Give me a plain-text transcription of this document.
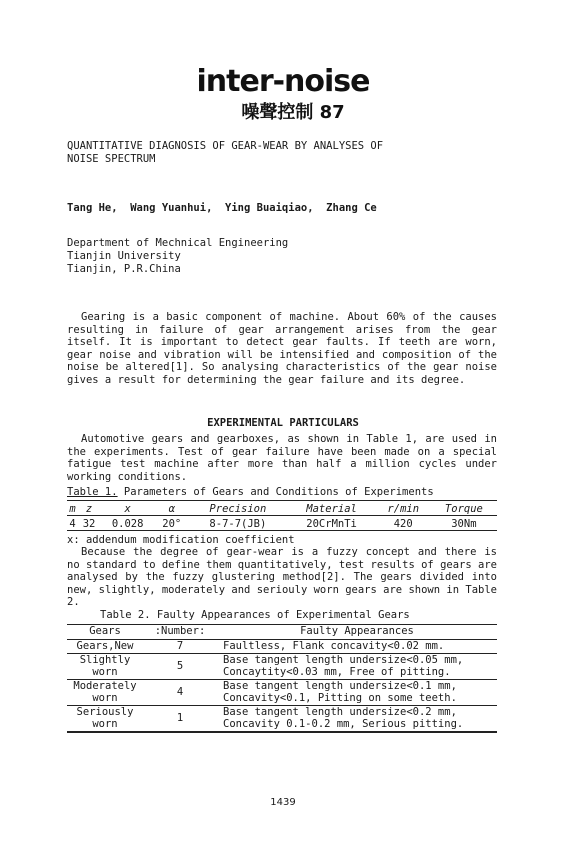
inter-noise
噪聲控制 87
QUANTITATIVE DIAGNOSIS OF GEAR-WEAR BY ANALYSES OF
NOISE SPECTRUM
Tang He,  Wang Yuanhui,  Ying Buaiqiao,  Zhang Ce
Department of Mechnical Engineering
Tianjin University
Tianjin, P.R.China
Gearing is a basic component of machine. About 60% of the causes resulting in failure of gear arrangement arises from the gear itself. It is important to detect gear faults. If teeth are worn, gear noise and vibration will be intensified and composition of the noise be altered[1]. So analysing characteristics of the gear noise gives a result for determining the gear failure and its degree.
EXPERIMENTAL PARTICULARS
Automotive gears and gearboxes, as shown in Table 1, are used in the experiments. Test of gear failure have been made on a special fatigue test machine after more than half a million cycles under working conditions.
Table 1. Parameters of Gears and Conditions of Experiments
m	z	x	α	Precision	Material	r/min	Torque
4	32	0.028	20°	8-7-7(JB)	20CrMnTi	420	30Nm
x: addendum modification coefficient
Because the degree of gear-wear is a fuzzy concept and there is no standard to define them quantitatively, test results of gears are analysed by the fuzzy glustering method[2]. The gears divided into new, slightly, moderately and seriouly worn gears are shown in Table 2.
Table 2. Faulty Appearances of Experimental Gears
Gears	:Number:	Faulty Appearances
Gears,New	7	Faultless, Flank concavity<0.02 mm.

Slightly worn	5	Base tangent length undersize<0.05 mm,
Concaytity<0.03 mm, Free of pitting.

Moderately worn	4	Base tangent length undersize<0.1 mm,
Concavity<0.1, Pitting on some teeth.

Seriously worn	1	Base tangent length undersize<0.2 mm,
Concavity 0.1-0.2 mm, Serious pitting.
1439
